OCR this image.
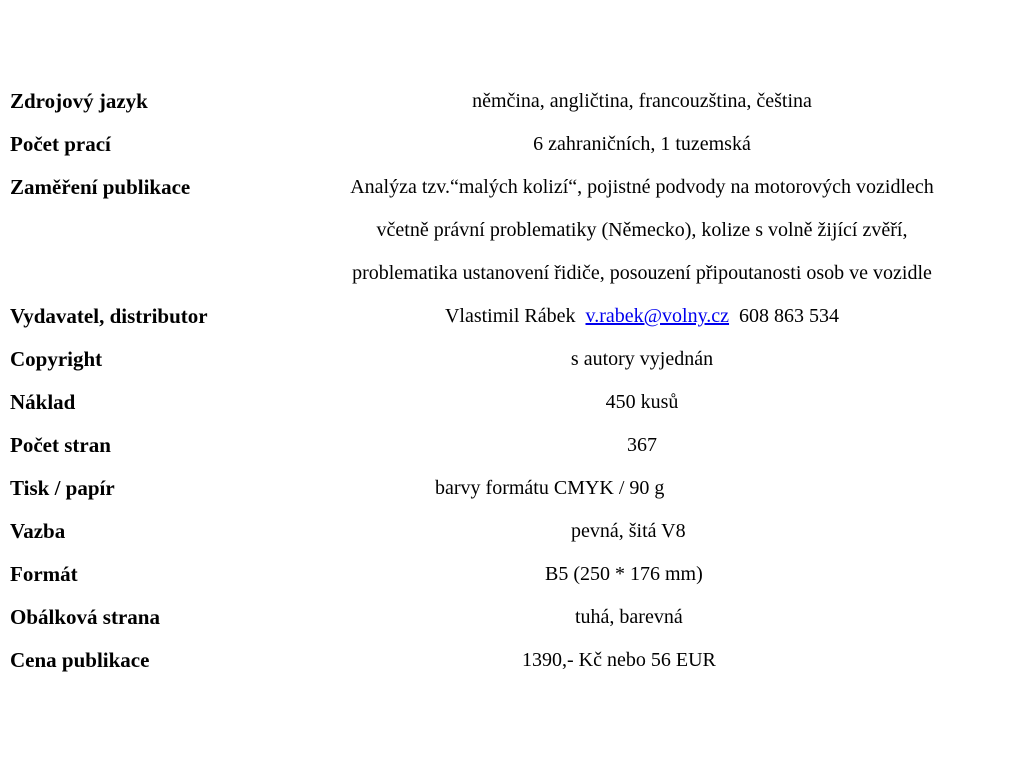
Zdrojový jazyk	němčina, angličtina, francouzština, čeština
Počet prací	6 zahraničních, 1 tuzemská
Zaměření publikace	Analýza tzv.“malých kolizí“, pojistné podvody na motorových vozidlech
včetně právní problematiky (Německo), kolize s volně žijící zvěří,
problematika ustanovení řidiče, posouzení připoutanosti osob ve vozidle
Vydavatel, distributor	Vlastimil Rábek v.rabek@volny.cz 608 863 534
Copyright	s autory vyjednán
Náklad	450 kusů
Počet stran	367
Tisk / papír	barvy formátu CMYK / 90 g
Vazba	pevná, šitá V8
Formát	B5 (250 * 176 mm)
Obálková strana	tuhá, barevná
Cena publikace	1390,- Kč nebo 56 EUR
